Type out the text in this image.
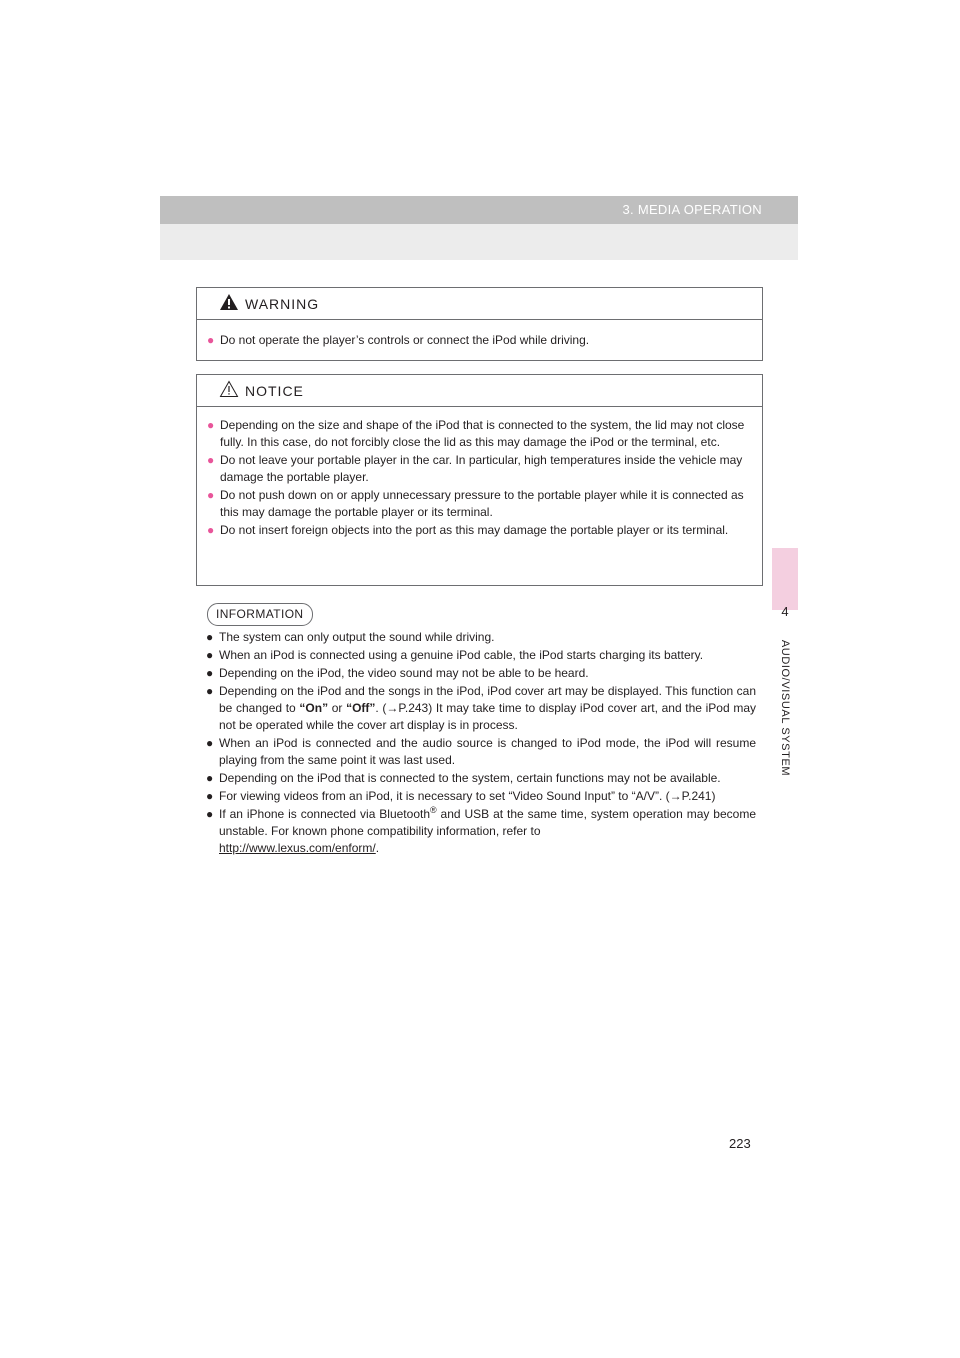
3. MEDIA OPERATION
4
AUDIO/VISUAL SYSTEM
WARNING
● Do not operate the player’s controls or connect the iPod while driving.
NOTICE
● Depending on the size and shape of the iPod that is connected to the system, the lid may not close fully. In this case, do not forcibly close the lid as this may damage the iPod or the terminal, etc.
● Do not leave your portable player in the car. In particular, high temperatures inside the vehicle may damage the portable player.
● Do not push down on or apply unnecessary pressure to the portable player while it is connected as this may damage the portable player or its terminal.
● Do not insert foreign objects into the port as this may damage the portable player or its terminal.
INFORMATION
● The system can only output the sound while driving.
● When an iPod is connected using a genuine iPod cable, the iPod starts charging its battery.
● Depending on the iPod, the video sound may not be able to be heard.
● Depending on the iPod and the songs in the iPod, iPod cover art may be displayed. This function can be changed to “On” or “Off”. (→P.243) It may take time to display iPod cover art, and the iPod may not be operated while the cover art display is in process.
● When an iPod is connected and the audio source is changed to iPod mode, the iPod will resume playing from the same point it was last used.
● Depending on the iPod that is connected to the system, certain functions may not be available.
● For viewing videos from an iPod, it is necessary to set “Video Sound Input” to “A/V”. (→P.241)
● If an iPhone is connected via Bluetooth® and USB at the same time, system operation may become unstable. For known phone compatibility information, refer to
http://www.lexus.com/enform/.
223
